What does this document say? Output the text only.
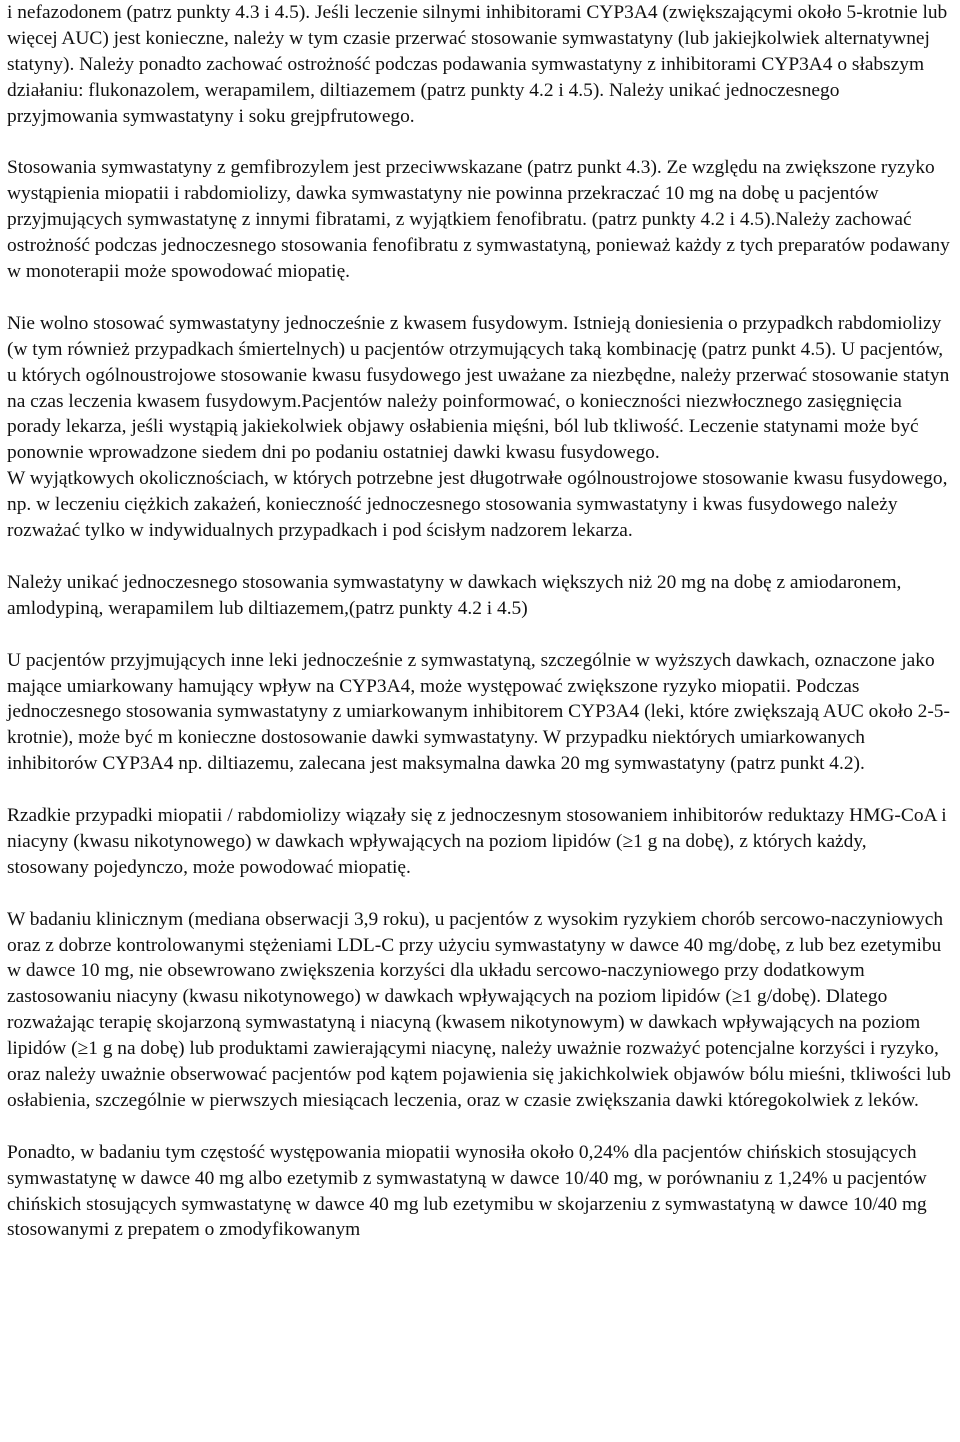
i nefazodonem (patrz punkty 4.3 i 4.5). Jeśli leczenie silnymi inhibitorami CYP3A4 (zwiększającymi około 5-krotnie lub więcej AUC) jest konieczne, należy w tym czasie przerwać stosowanie symwastatyny (lub jakiejkolwiek alternatywnej statyny). Należy ponadto zachować ostrożność podczas podawania symwastatyny z inhibitorami CYP3A4 o słabszym działaniu: flukonazolem, werapamilem, diltiazemem (patrz punkty 4.2 i 4.5). Należy unikać jednoczesnego przyjmowania symwastatyny i soku grejpfrutowego.

Stosowania symwastatyny z gemfibrozylem jest przeciwwskazane (patrz punkt 4.3). Ze względu na zwiększone ryzyko wystąpienia miopatii i rabdomiolizy, dawka symwastatyny nie powinna przekraczać 10 mg na dobę u pacjentów przyjmujących symwastatynę z innymi fibratami, z wyjątkiem fenofibratu. (patrz punkty 4.2 i 4.5).Należy zachować ostrożność podczas jednoczesnego stosowania fenofibratu z symwastatyną, ponieważ każdy z tych preparatów podawany w monoterapii może spowodować miopatię.

Nie wolno stosować symwastatyny jednocześnie z kwasem fusydowym. Istnieją doniesienia o przypadkch rabdomiolizy (w tym również przypadkach śmiertelnych) u pacjentów otrzymujących taką kombinację (patrz punkt 4.5). U pacjentów, u których ogólnoustrojowe stosowanie kwasu fusydowego jest uważane za niezbędne, należy przerwać stosowanie statyn na czas leczenia kwasem fusydowym.Pacjentów należy poinformować, o konieczności niezwłocznego zasięgnięcia porady lekarza, jeśli wystąpią jakiekolwiek objawy osłabienia mięśni, ból lub tkliwość. Leczenie statynami może być ponownie wprowadzone siedem dni po podaniu ostatniej dawki kwasu fusydowego.

W wyjątkowych okolicznościach, w których potrzebne jest długotrwałe ogólnoustrojowe stosowanie kwasu fusydowego, np. w leczeniu ciężkich zakażeń, konieczność jednoczesnego stosowania symwastatyny i kwas fusydowego należy rozważać tylko w indywidualnych przypadkach i pod ścisłym nadzorem lekarza.

Należy unikać jednoczesnego stosowania symwastatyny w dawkach większych niż 20 mg na dobę z amiodaronem, amlodypiną, werapamilem lub diltiazemem,(patrz punkty 4.2 i 4.5)

U pacjentów przyjmujących inne leki jednocześnie z symwastatyną, szczególnie w wyższych dawkach, oznaczone jako mające umiarkowany hamujący wpływ na CYP3A4, może występować zwiększone ryzyko miopatii. Podczas jednoczesnego stosowania symwastatyny z umiarkowanym inhibitorem CYP3A4 (leki, które zwiększają AUC około 2-5-krotnie), może być m konieczne dostosowanie dawki symwastatyny. W przypadku niektórych umiarkowanych inhibitorów CYP3A4 np. diltiazemu, zalecana jest maksymalna dawka 20 mg symwastatyny (patrz punkt 4.2).

Rzadkie przypadki miopatii / rabdomiolizy wiązały się z jednoczesnym stosowaniem inhibitorów reduktazy HMG-CoA i niacyny (kwasu nikotynowego) w dawkach wpływających na poziom lipidów (≥1 g na dobę), z których każdy, stosowany pojedynczo, może powodować miopatię.

W badaniu klinicznym (mediana obserwacji 3,9 roku), u pacjentów z wysokim ryzykiem chorób sercowo-naczyniowych oraz z dobrze kontrolowanymi stężeniami LDL-C przy użyciu symwastatyny w dawce 40 mg/dobę, z lub bez ezetymibu w dawce 10 mg, nie obsewrowano zwiększenia korzyści dla układu sercowo-naczyniowego przy dodatkowym zastosowaniu niacyny (kwasu nikotynowego) w dawkach wpływających na poziom lipidów (≥1 g/dobę). Dlatego rozważając terapię skojarzoną symwastatyną i niacyną (kwasem nikotynowym) w dawkach wpływających na poziom lipidów (≥1 g na dobę) lub produktami zawierającymi niacynę, należy uważnie rozważyć potencjalne korzyści i ryzyko, oraz należy uważnie obserwować pacjentów pod kątem pojawienia się jakichkolwiek objawów bólu mieśni, tkliwości lub osłabienia, szczególnie w pierwszych miesiącach leczenia, oraz w czasie zwiększania dawki któregokolwiek z leków.

Ponadto, w badaniu tym częstość występowania miopatii wynosiła około 0,24% dla pacjentów chińskich stosujących symwastatynę w dawce 40 mg albo ezetymib z symwastatyną w dawce 10/40 mg, w porównaniu z 1,24% u pacjentów chińskich stosujących symwastatynę w dawce 40 mg lub ezetymibu w skojarzeniu z symwastatyną w dawce 10/40 mg stosowanymi z prepatem o zmodyfikowanym
